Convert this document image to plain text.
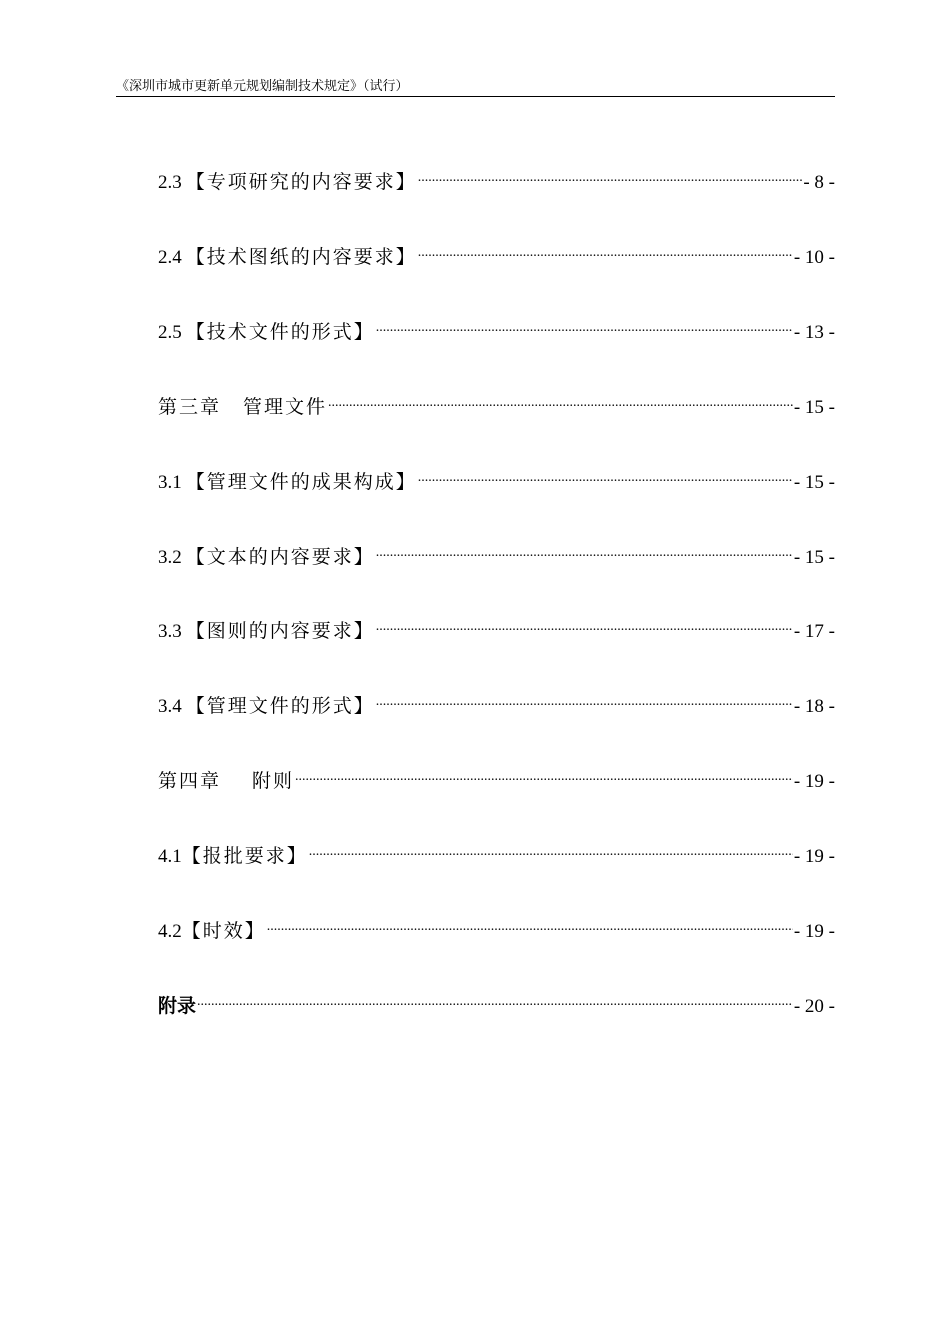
《深圳市城市更新单元规划编制技术规定》（试行）
2.3 【专项研究的内容要求】 .....	- 8 -
2.4 【技术图纸的内容要求】 .....	- 10 -
2.5 【技术文件的形式】 .....	- 13 -
第三章 管理文件 .....	- 15 -
3.1 【管理文件的成果构成】 .....	- 15 -
3.2 【文本的内容要求】 .....	- 15 -
3.3 【图则的内容要求】 .....	- 17 -
3.4 【管理文件的形式】 .....	- 18 -
第四章 附则 .....	- 19 -
4.1 【报批要求】 .....	- 19 -
4.2 【时效】 .....	- 19 -
附录 .....	- 20 -
